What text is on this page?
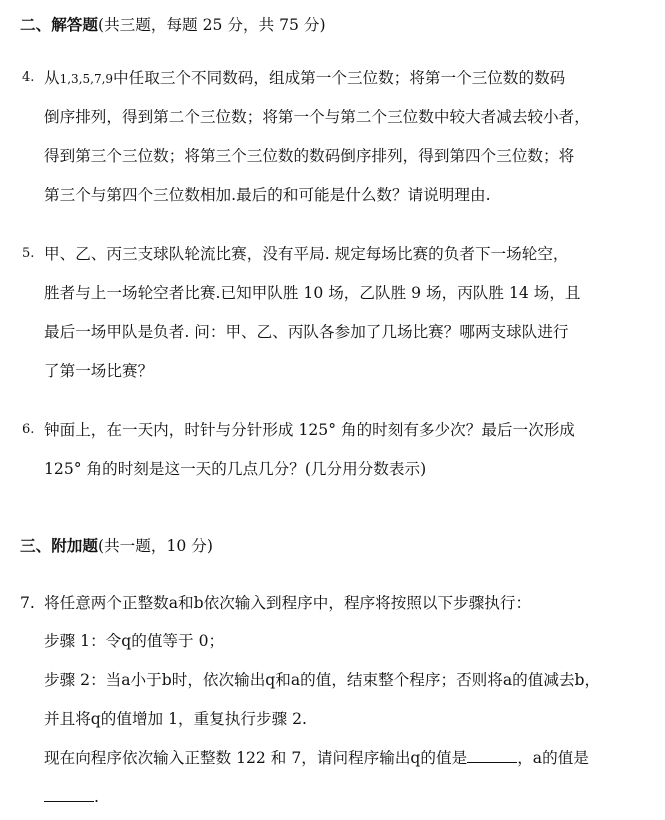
二、解答题(共三题，每题 25 分，共 75 分)
4. 从1,3,5,7,9中任取三个不同数码，组成第一个三位数；将第一个三位数的数码
倒序排列，得到第二个三位数；将第一个与第二个三位数中较大者减去较小者，
得到第三个三位数；将第三个三位数的数码倒序排列，得到第四个三位数；将
第三个与第四个三位数相加.最后的和可能是什么数？请说明理由.
5. 甲、乙、丙三支球队轮流比赛，没有平局. 规定每场比赛的负者下一场轮空，
胜者与上一场轮空者比赛.已知甲队胜 10 场，乙队胜 9 场，丙队胜 14 场，且
最后一场甲队是负者. 问：甲、乙、丙队各参加了几场比赛？哪两支球队进行
了第一场比赛？
6. 钟面上，在一天内，时针与分针形成 125° 角的时刻有多少次？最后一次形成
125° 角的时刻是这一天的几点几分？(几分用分数表示)
三、附加题(共一题，10 分)
7. 将任意两个正整数a和b依次输入到程序中，程序将按照以下步骤执行：
步骤 1：令q的值等于 0；
步骤 2：当a小于b时，依次输出q和a的值，结束整个程序；否则将a的值减去b，
并且将q的值增加 1，重复执行步骤 2.
现在向程序依次输入正整数 122 和 7，请问程序输出q的值是	，a的值是
.
